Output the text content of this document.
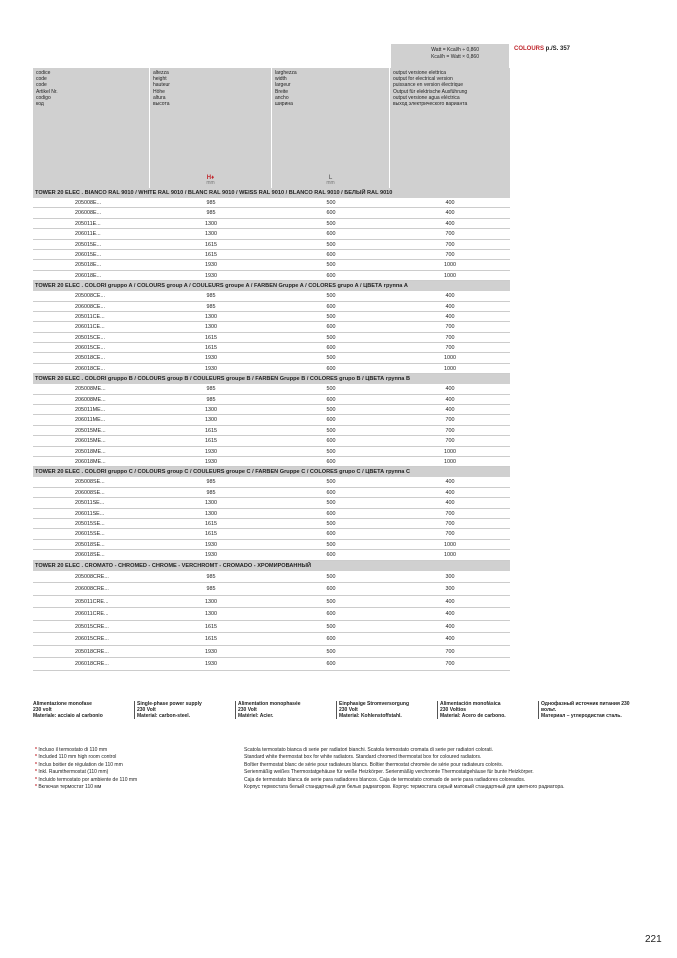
Watt = Kcal/h ÷ 0,860
Kcal/h = Watt × 0,860
COLOURS p./S. 357
codice
code
code
Artikel Nr.
codigo
код
altezza
height
hauteur
Höhe
altura
высота
H♦
mm
larghezza
width
largeur
Breite
ancho
ширина
L
mm
output versione elettrica
output for electrical version
puissance en version électrique
Output für elektrische Ausführung
output versione agua eléctrica
выход электрического варианта
TOWER 20 ELEC . BIANCO RAL 9010 / WHITE RAL 9010 / BLANC RAL 9010 / WEISS RAL 9010 / BLANCO RAL 9010 / БЕЛЫЙ RAL 9010
205008E...	985	500	400
206008E...	985	600	400
205011E...	1300	500	400
206011E...	1300	600	700
205015E...	1615	500	700
206015E...	1615	600	700
205018E...	1930	500	1000
206018E...	1930	600	1000
TOWER 20 ELEC . COLORI gruppo A / COLOURS group A / COULEURS groupe A / FARBEN Gruppe A / COLORES grupo A / ЦВЕТА группа A
205008CE...	985	500	400
206008CE...	985	600	400
205011CE...	1300	500	400
206011CE...	1300	600	700
205015CE...	1615	500	700
206015CE...	1615	600	700
205018CE...	1930	500	1000
206018CE...	1930	600	1000
TOWER 20 ELEC . COLORI gruppo B / COLOURS group B / COULEURS groupe B / FARBEN Gruppe B / COLORES grupo B / ЦВЕТА группа B
205008ME...	985	500	400
206008ME...	985	600	400
205011ME...	1300	500	400
206011ME...	1300	600	700
205015ME...	1615	500	700
206015ME...	1615	600	700
205018ME...	1930	500	1000
206018ME...	1930	600	1000
TOWER 20 ELEC . COLORI gruppo C / COLOURS group C / COULEURS groupe C / FARBEN Gruppe C / COLORES grupo C / ЦВЕТА группа C
205008SE...	985	500	400
206008SE...	985	600	400
205011SE...	1300	500	400
206011SE...	1300	600	700
205015SE...	1615	500	700
206015SE...	1615	600	700
205018SE...	1930	500	1000
206018SE...	1930	600	1000
TOWER 20 ELEC . CROMATO - CHROMED - CHROME - VERCHROMT - CROMADO - ХРОМИРОВАННЫЙ
205008CRE...	985	500	300
206008CRE...	985	600	300
205011CRE...	1300	500	400
206011CRE...	1300	600	400
205015CRE...	1615	500	400
206015CRE...	1615	600	400
205018CRE...	1930	500	700
206018CRE...	1930	600	700
Alimentazione monofase
230 volt
Materiale: acciaio al carbonio
Single-phase power supply
230 Volt
Material: carbon-steel.
Alimentation monophasée
230 Volt
Matériel: Acier.
Einphasige Stromversorgung
230 Volt
Material: Kohlenstoffstahl.
Alimentación monofásica
230 Voltios
Material: Acero de carbono.
Однофазный источник питания 230
вольт.
Материал – углеродистая сталь.
* Incluso il termostato di 110 mm
* Included 110 mm high room control
* Inclus boitier de régulation de 110 mm
* Inkl. Raumthermostat (110 mm)
* Incluido termostato por ambiente de 110 mm
* Включая термостат 110 мм
Scatola termostato bianca di serie per radiatori bianchi. Scatola termostato cromata di serie per radiatori colorati.
Standard white thermostat box for white radiators. Standard chromed thermostat box for coloured radiators.
Boîtier thermostat blanc de série pour radiateurs blancs. Boîtier thermostat chromée de série pour radiateurs colorés.
Serienmäßig weißes Thermostatgehäuse für weiße Heizkörper. Serienmäßig verchromte Thermostatgehäuse für bunte Heizkörper.
Caja de termostato blanca de serie para radiadores blancos. Caja de termostato cromado de serie para radiadores coloreados.
Корпус термостата белый стандартный для белых радиаторов. Корпус термостата серый матовый стандартный для цветного радиатора.
221
